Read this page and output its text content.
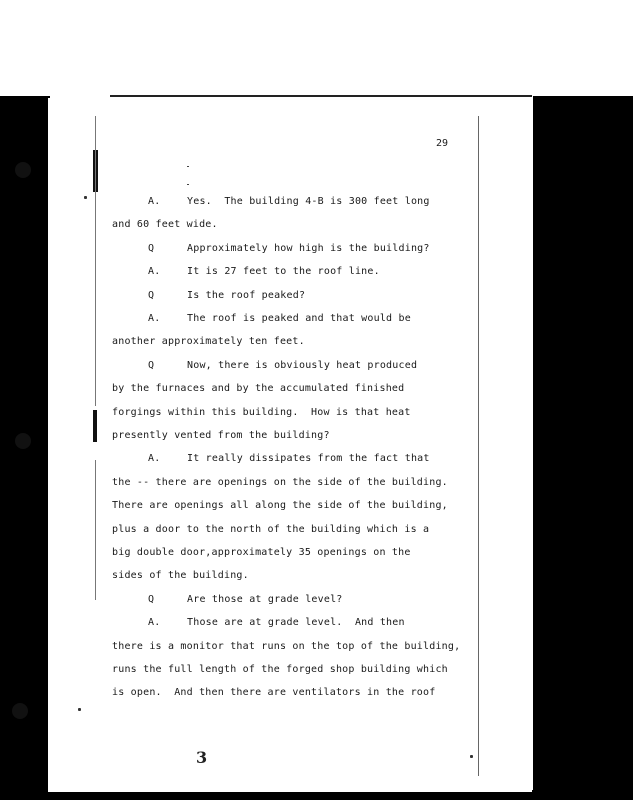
29
A.	Yes.  The building 4-B is 300 feet long
and 60 feet wide.
Q	Approximately how high is the building?
A.	It is 27 feet to the roof line.
Q	Is the roof peaked?
A.	The roof is peaked and that would be
another approximately ten feet.
Q	Now, there is obviously heat produced
by the furnaces and by the accumulated finished
forgings within this building.  How is that heat
presently vented from the building?
A.	It really dissipates from the fact that
the -- there are openings on the side of the building.
There are openings all along the side of the building,
plus a door to the north of the building which is a
big double door,approximately 35 openings on the
sides of the building.
Q	Are those at grade level?
A.	Those are at grade level.  And then
there is a monitor that runs on the top of the building,
runs the full length of the forged shop building which
is open.  And then there are ventilators in the roof
3
